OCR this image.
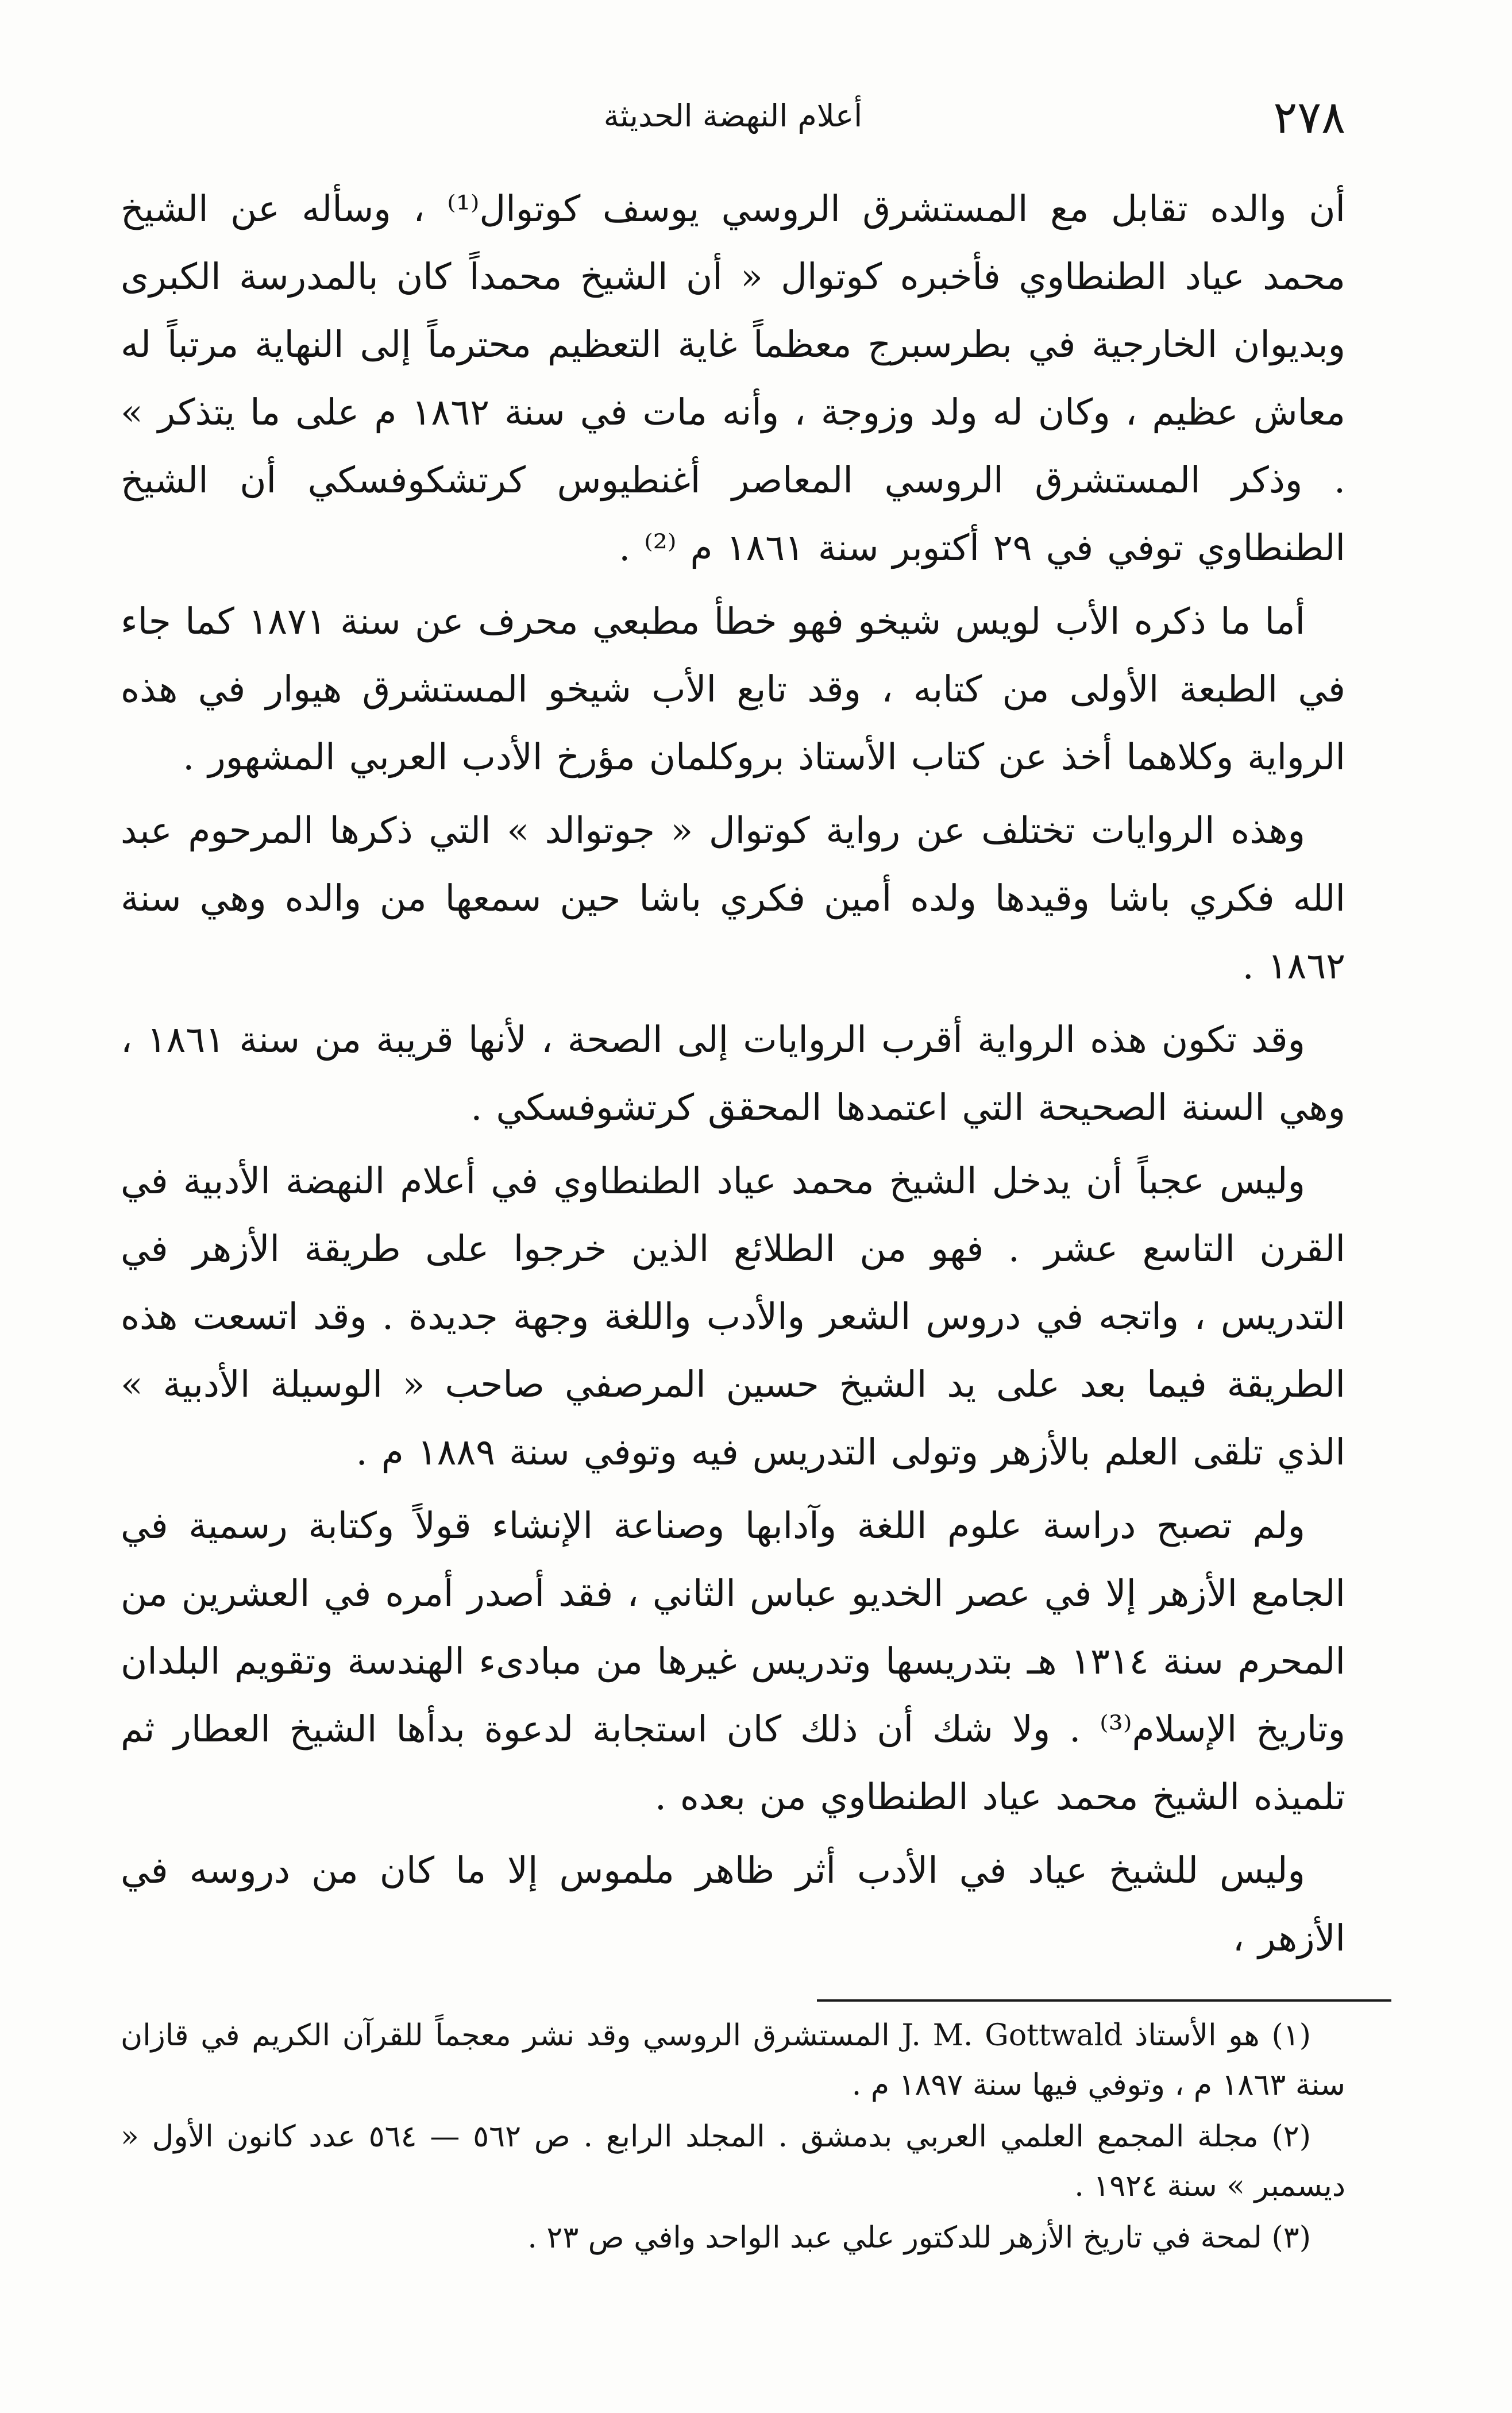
٢٧٨
أعلام النهضة الحديثة

أن والده تقابل مع المستشرق الروسي يوسف كوتوال⁽¹⁾ ، وسأله عن الشيخ محمد عياد الطنطاوي فأخبره كوتوال « أن الشيخ محمداً كان بالمدرسة الكبرى وبديوان الخارجية في بطرسبرج معظماً غاية التعظيم محترماً إلى النهاية مرتباً له معاش عظيم ، وكان له ولد وزوجة ، وأنه مات في سنة ١٨٦٢ م على ما يتذكر » . وذكر المستشرق الروسي المعاصر أغنطيوس كرتشكوفسكي أن الشيخ الطنطاوي توفي في ٢٩ أكتوبر سنة ١٨٦١ م ⁽²⁾ .

أما ما ذكره الأب لويس شيخو فهو خطأ مطبعي محرف عن سنة ١٨٧١ كما جاء في الطبعة الأولى من كتابه ، وقد تابع الأب شيخو المستشرق هيوار في هذه الرواية وكلاهما أخذ عن كتاب الأستاذ بروكلمان مؤرخ الأدب العربي المشهور .

وهذه الروايات تختلف عن رواية كوتوال « جوتوالد » التي ذكرها المرحوم عبد الله فكري باشا وقيدها ولده أمين فكري باشا حين سمعها من والده وهي سنة ١٨٦٢ .

وقد تكون هذه الرواية أقرب الروايات إلى الصحة ، لأنها قريبة من سنة ١٨٦١ ، وهي السنة الصحيحة التي اعتمدها المحقق كرتشوفسكي .

وليس عجباً أن يدخل الشيخ محمد عياد الطنطاوي في أعلام النهضة الأدبية في القرن التاسع عشر . فهو من الطلائع الذين خرجوا على طريقة الأزهر في التدريس ، واتجه في دروس الشعر والأدب واللغة وجهة جديدة . وقد اتسعت هذه الطريقة فيما بعد على يد الشيخ حسين المرصفي صاحب « الوسيلة الأدبية » الذي تلقى العلم بالأزهر وتولى التدريس فيه وتوفي سنة ١٨٨٩ م .

ولم تصبح دراسة علوم اللغة وآدابها وصناعة الإنشاء قولاً وكتابة رسمية في الجامع الأزهر إلا في عصر الخديو عباس الثاني ، فقد أصدر أمره في العشرين من المحرم سنة ١٣١٤ هـ بتدريسها وتدريس غيرها من مبادىء الهندسة وتقويم البلدان وتاريخ الإسلام⁽³⁾ . ولا شك أن ذلك كان استجابة لدعوة بدأها الشيخ العطار ثم تلميذه الشيخ محمد عياد الطنطاوي من بعده .

وليس للشيخ عياد في الأدب أثر ظاهر ملموس إلا ما كان من دروسه في الأزهر ،

(١) هو الأستاذ J. M. Gottwald المستشرق الروسي وقد نشر معجماً للقرآن الكريم في قازان سنة ١٨٦٣ م ، وتوفي فيها سنة ١٨٩٧ م .

(٢) مجلة المجمع العلمي العربي بدمشق . المجلد الرابع . ص ٥٦٢ — ٥٦٤ عدد كانون الأول « ديسمبر » سنة ١٩٢٤ .

(٣) لمحة في تاريخ الأزهر للدكتور علي عبد الواحد وافي ص ٢٣ .
